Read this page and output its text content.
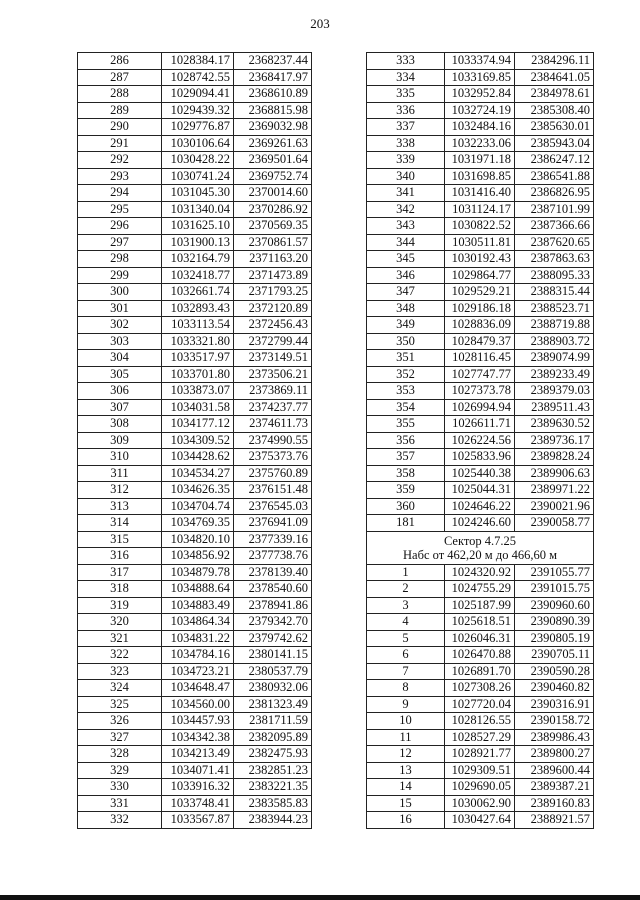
203
286	1028384.17	2368237.44
287	1028742.55	2368417.97
288	1029094.41	2368610.89
289	1029439.32	2368815.98
290	1029776.87	2369032.98
291	1030106.64	2369261.63
292	1030428.22	2369501.64
293	1030741.24	2369752.74
294	1031045.30	2370014.60
295	1031340.04	2370286.92
296	1031625.10	2370569.35
297	1031900.13	2370861.57
298	1032164.79	2371163.20
299	1032418.77	2371473.89
300	1032661.74	2371793.25
301	1032893.43	2372120.89
302	1033113.54	2372456.43
303	1033321.80	2372799.44
304	1033517.97	2373149.51
305	1033701.80	2373506.21
306	1033873.07	2373869.11
307	1034031.58	2374237.77
308	1034177.12	2374611.73
309	1034309.52	2374990.55
310	1034428.62	2375373.76
311	1034534.27	2375760.89
312	1034626.35	2376151.48
313	1034704.74	2376545.03
314	1034769.35	2376941.09
315	1034820.10	2377339.16
316	1034856.92	2377738.76
317	1034879.78	2378139.40
318	1034888.64	2378540.60
319	1034883.49	2378941.86
320	1034864.34	2379342.70
321	1034831.22	2379742.62
322	1034784.16	2380141.15
323	1034723.21	2380537.79
324	1034648.47	2380932.06
325	1034560.00	2381323.49
326	1034457.93	2381711.59
327	1034342.38	2382095.89
328	1034213.49	2382475.93
329	1034071.41	2382851.23
330	1033916.32	2383221.35
331	1033748.41	2383585.83
332	1033567.87	2383944.23
333	1033374.94	2384296.11
334	1033169.85	2384641.05
335	1032952.84	2384978.61
336	1032724.19	2385308.40
337	1032484.16	2385630.01
338	1032233.06	2385943.04
339	1031971.18	2386247.12
340	1031698.85	2386541.88
341	1031416.40	2386826.95
342	1031124.17	2387101.99
343	1030822.52	2387366.66
344	1030511.81	2387620.65
345	1030192.43	2387863.63
346	1029864.77	2388095.33
347	1029529.21	2388315.44
348	1029186.18	2388523.71
349	1028836.09	2388719.88
350	1028479.37	2388903.72
351	1028116.45	2389074.99
352	1027747.77	2389233.49
353	1027373.78	2389379.03
354	1026994.94	2389511.43
355	1026611.71	2389630.52
356	1026224.56	2389736.17
357	1025833.96	2389828.24
358	1025440.38	2389906.63
359	1025044.31	2389971.22
360	1024646.22	2390021.96
181	1024246.60	2390058.77

Сектор 4.7.25
Набс от 462,20 м до 466,60 м		

1	1024320.92	2391055.77
2	1024755.29	2391015.75
3	1025187.99	2390960.60
4	1025618.51	2390890.39
5	1026046.31	2390805.19
6	1026470.88	2390705.11
7	1026891.70	2390590.28
8	1027308.26	2390460.82
9	1027720.04	2390316.91
10	1028126.55	2390158.72
11	1028527.29	2389986.43
12	1028921.77	2389800.27
13	1029309.51	2389600.44
14	1029690.05	2389387.21
15	1030062.90	2389160.83
16	1030427.64	2388921.57
